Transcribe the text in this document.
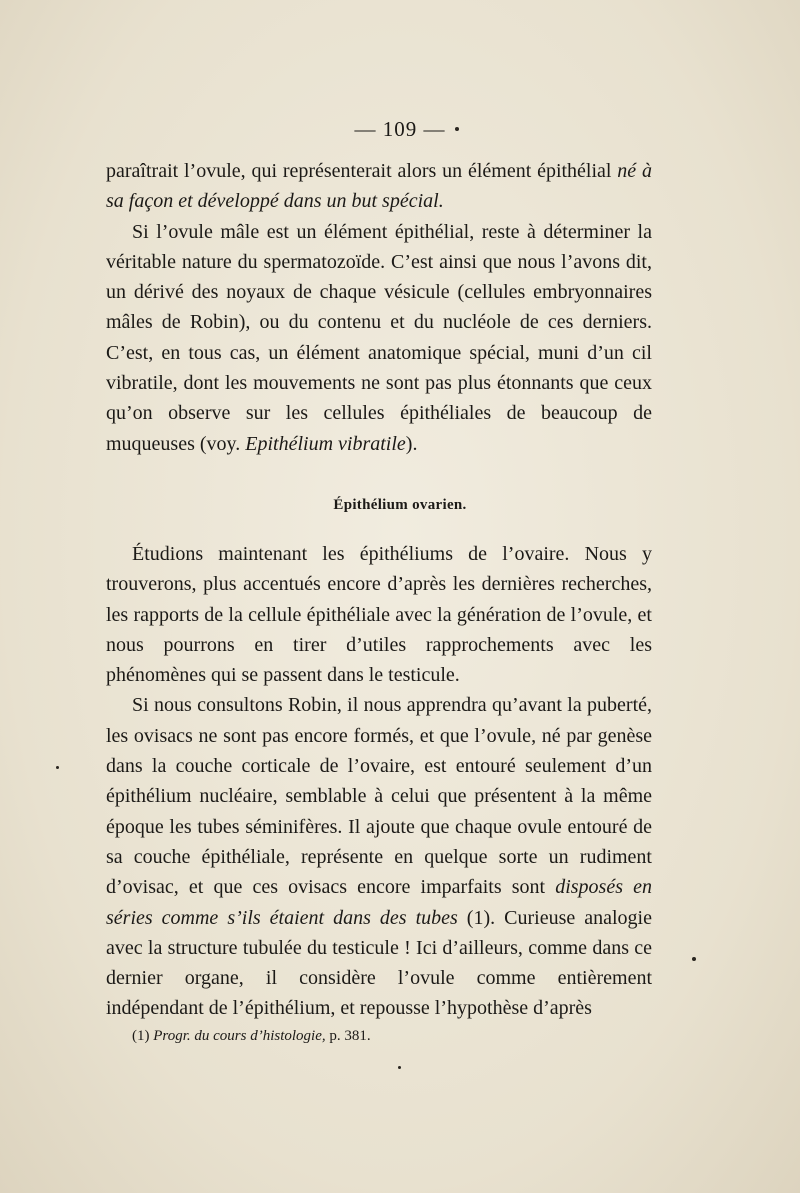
— 109 —

paraîtrait l’ovule, qui représenterait alors un élément épithélial né à sa façon et développé dans un but spécial.

Si l’ovule mâle est un élément épithélial, reste à déterminer la véritable nature du spermatozoïde. C’est ainsi que nous l’avons dit, un dérivé des noyaux de chaque vésicule (cellules embryonnaires mâles de Robin), ou du contenu et du nucléole de ces derniers. C’est, en tous cas, un élément anatomique spécial, muni d’un cil vibratile, dont les mouvements ne sont pas plus étonnants que ceux qu’on observe sur les cellules épithéliales de beaucoup de muqueuses (voy. Epithélium vibratile).

Épithélium ovarien.

Étudions maintenant les épithéliums de l’ovaire. Nous y trouverons, plus accentués encore d’après les dernières recherches, les rapports de la cellule épithéliale avec la génération de l’ovule, et nous pourrons en tirer d’utiles rapprochements avec les phénomènes qui se passent dans le testicule.

Si nous consultons Robin, il nous apprendra qu’avant la puberté, les ovisacs ne sont pas encore formés, et que l’ovule, né par genèse dans la couche corticale de l’ovaire, est entouré seulement d’un épithélium nucléaire, semblable à celui que présentent à la même époque les tubes séminifères. Il ajoute que chaque ovule entouré de sa couche épithéliale, représente en quelque sorte un rudiment d’ovisac, et que ces ovisacs encore imparfaits sont disposés en séries comme s’ils étaient dans des tubes (1). Curieuse analogie avec la structure tubulée du testicule ! Ici d’ailleurs, comme dans ce dernier organe, il considère l’ovule comme entièrement indépendant de l’épithélium, et repousse l’hypothèse d’après

(1) Progr. du cours d’histologie, p. 381.
